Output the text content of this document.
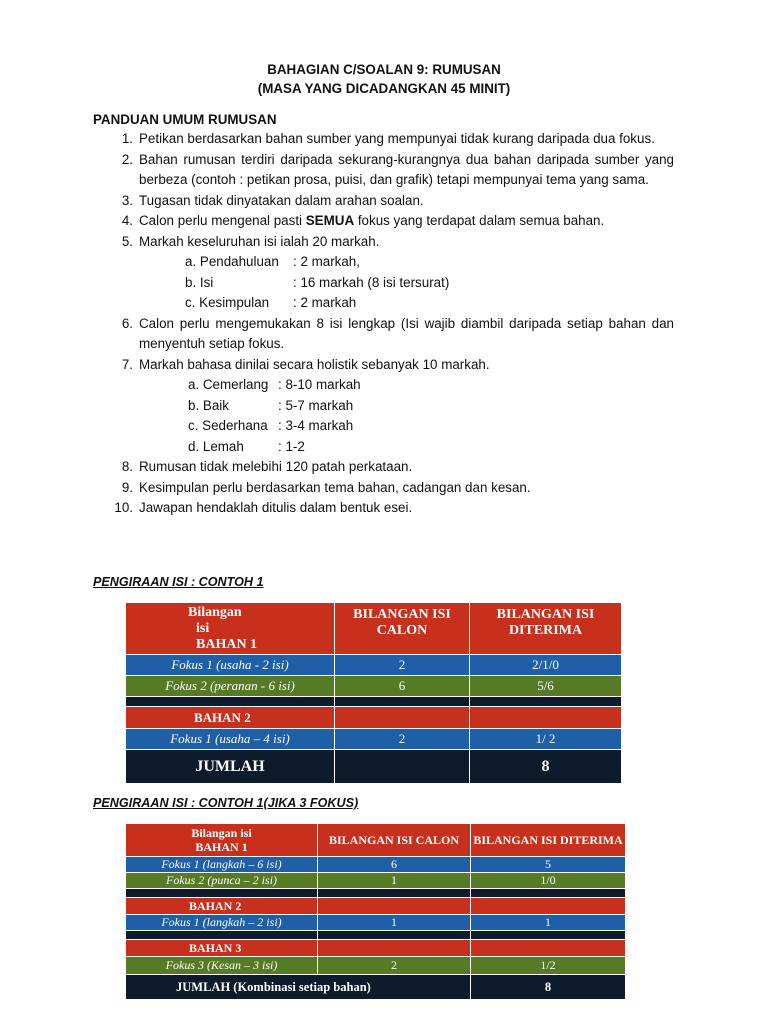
BAHAGIAN C/SOALAN 9: RUMUSAN
(MASA YANG DICADANGKAN 45 MINIT)
PANDUAN UMUM RUMUSAN
1. Petikan berdasarkan bahan sumber yang mempunyai tidak kurang daripada dua fokus.
2. Bahan rumusan terdiri daripada sekurang-kurangnya dua bahan daripada sumber yang berbeza (contoh : petikan prosa, puisi, dan grafik) tetapi mempunyai tema yang sama.
3. Tugasan tidak dinyatakan dalam arahan soalan.
4. Calon perlu mengenal pasti SEMUA fokus yang terdapat dalam semua bahan.
5. Markah keseluruhan isi ialah 20 markah.
a. Pendahuluan : 2 markah,
b. Isi	: 16 markah (8 isi tersurat)
c. Kesimpulan : 2 markah
6. Calon perlu mengemukakan 8 isi lengkap (Isi wajib diambil daripada setiap bahan dan menyentuh setiap fokus.
7. Markah bahasa dinilai secara holistik sebanyak 10 markah.
a. Cemerlang : 8-10 markah
b. Baik	: 5-7 markah
c. Sederhana : 3-4 markah
d. Lemah	: 1-2
8. Rumusan tidak melebihi 120 patah perkataan.
9. Kesimpulan perlu berdasarkan tema bahan, cadangan dan kesan.
10. Jawapan hendaklah ditulis dalam bentuk esei.
PENGIRAAN ISI : CONTOH 1
Bilangan
isi
BAHAN 1	BILANGAN ISI CALON	BILANGAN ISI DITERIMA
Fokus 1 (usaha - 2 isi)	2	2/1/0
Fokus 2 (peranan - 6 isi)	6	5/6

BAHAN 2		
Fokus 1 (usaha – 4 isi)	2	1/ 2
JUMLAH		8
PENGIRAAN ISI : CONTOH 1(JIKA 3 FOKUS)
Bilangan isi
BAHAN 1	BILANGAN ISI CALON	BILANGAN ISI DITERIMA
Fokus 1 (langkah – 6 isi)	6	5
Fokus 2 (punca – 2 isi)	1	1/0

BAHAN 2		
Fokus 1 (langkah – 2 isi)	1	1

BAHAN 3		
Fokus 3 (Kesan – 3 isi)	2	1/2
JUMLAH (Kombinasi setiap bahan)		8
